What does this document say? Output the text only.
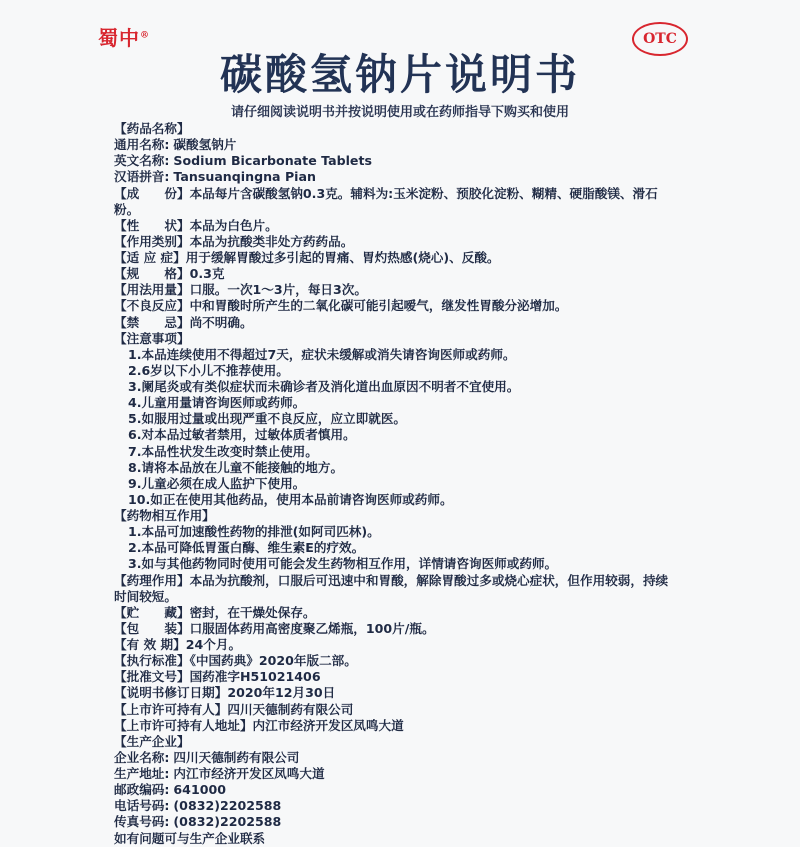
蜀中®	OTC
碳酸氢钠片说明书
请仔细阅读说明书并按说明使用或在药师指导下购买和使用
【药品名称】
通用名称: 碳酸氢钠片
英文名称: Sodium Bicarbonate Tablets
汉语拼音: Tansuanqingna Pian
【成　　份】本品每片含碳酸氢钠0.3克。辅料为:玉米淀粉、预胶化淀粉、糊精、硬脂酸镁、滑石粉。
【性　　状】本品为白色片。
【作用类别】本品为抗酸类非处方药药品。
【适 应 症】用于缓解胃酸过多引起的胃痛、胃灼热感(烧心)、反酸。
【规　　格】0.3克
【用法用量】口服。一次1～3片，每日3次。
【不良反应】中和胃酸时所产生的二氧化碳可能引起嗳气，继发性胃酸分泌增加。
【禁　　忌】尚不明确。
【注意事项】
1.本品连续使用不得超过7天，症状未缓解或消失请咨询医师或药师。
2.6岁以下小儿不推荐使用。
3.阑尾炎或有类似症状而未确诊者及消化道出血原因不明者不宜使用。
4.儿童用量请咨询医师或药师。
5.如服用过量或出现严重不良反应，应立即就医。
6.对本品过敏者禁用，过敏体质者慎用。
7.本品性状发生改变时禁止使用。
8.请将本品放在儿童不能接触的地方。
9.儿童必须在成人监护下使用。
10.如正在使用其他药品，使用本品前请咨询医师或药师。
【药物相互作用】
1.本品可加速酸性药物的排泄(如阿司匹林)。
2.本品可降低胃蛋白酶、维生素E的疗效。
3.如与其他药物同时使用可能会发生药物相互作用，详情请咨询医师或药师。
【药理作用】本品为抗酸剂，口服后可迅速中和胃酸，解除胃酸过多或烧心症状，但作用较弱，持续时间较短。
【贮　　藏】密封，在干燥处保存。
【包　　装】口服固体药用高密度聚乙烯瓶，100片/瓶。
【有 效 期】24个月。
【执行标准】《中国药典》2020年版二部。
【批准文号】国药准字H51021406
【说明书修订日期】2020年12月30日
【上市许可持有人】四川天德制药有限公司
【上市许可持有人地址】内江市经济开发区凤鸣大道
【生产企业】
企业名称: 四川天德制药有限公司
生产地址: 内江市经济开发区凤鸣大道
邮政编码: 641000
电话号码: (0832)2202588
传真号码: (0832)2202588
如有问题可与生产企业联系
